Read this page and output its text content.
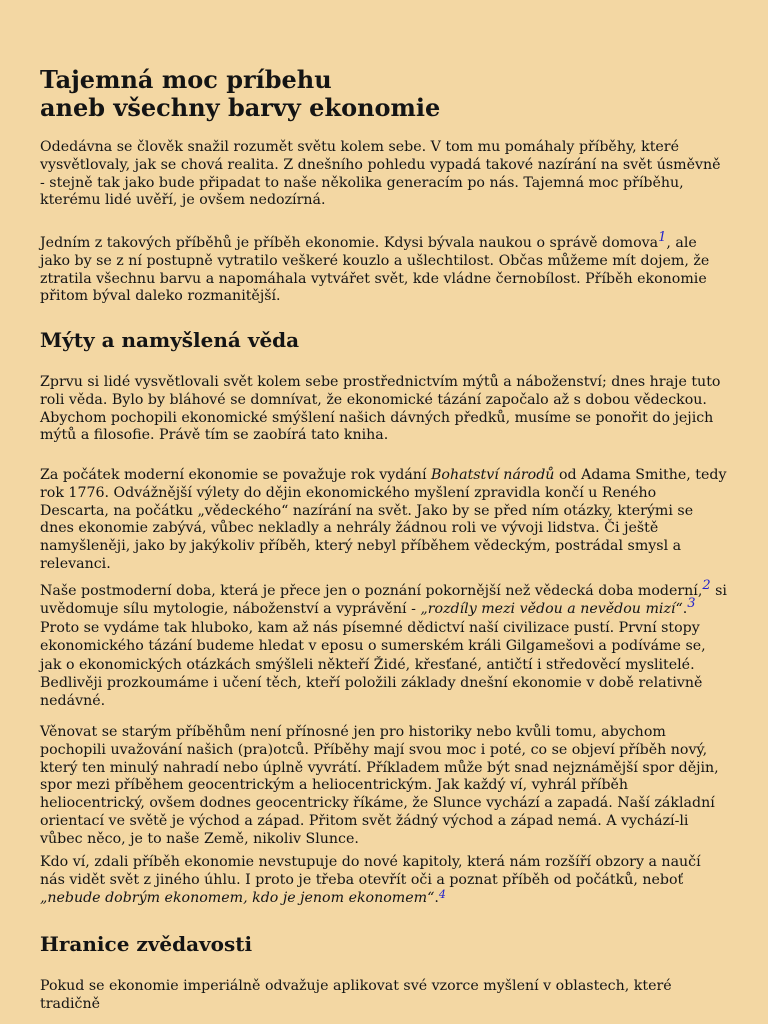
Tajemná moc príbehu
aneb všechny barvy ekonomie

Odedávna se člověk snažil rozumět světu kolem sebe. V tom mu pomáhaly příběhy, které vysvětlovaly, jak se chová realita. Z dnešního pohledu vypadá takové nazírání na svět úsměvně - stejně tak jako bude připadat to naše několika generacím po nás. Tajemná moc příběhu, kterému lidé uvěří, je ovšem nedozírná.

Jedním z takových příběhů je příběh ekonomie. Kdysi bývala naukou o správě domova$^1$, ale jako by se z ní postupně vytratilo veškeré kouzlo a ušlechtilost. Občas můžeme mít dojem, že ztratila všechnu barvu a napomáhala vytvářet svět, kde vládne černobílost. Příběh ekonomie přitom býval daleko rozmanitější.

Mýty a namyšlená věda

Zprvu si lidé vysvětlovali svět kolem sebe prostřednictvím mýtů a náboženství; dnes hraje tuto roli věda. Bylo by bláhové se domnívat, že ekonomické tázání započalo až s dobou vědeckou. Abychom pochopili ekonomické smýšlení našich dávných předků, musíme se ponořit do jejich mýtů a filosofie. Právě tím se zaobírá tato kniha.

Za počátek moderní ekonomie se považuje rok vydání Bohatství národů od Adama Smithe, tedy rok 1776. Odvážnější výlety do dějin ekonomického myšlení zpravidla končí u Reného Descarta, na počátku „vědeckého“ nazírání na svět. Jako by se před ním otázky, kterými se dnes ekonomie zabývá, vůbec nekladly a nehrály žádnou roli ve vývoji lidstva. Či ještě namyšleněji, jako by jakýkoliv příběh, který nebyl příběhem vědeckým, postrádal smysl a relevanci.

Naše postmoderní doba, která je přece jen o poznání pokornější než vědecká doba moderní,$^2$ si uvědomuje sílu mytologie, náboženství a vyprávění - „rozdíly mezi vědou a nevědou mizí“.$^3$ Proto se vydáme tak hluboko, kam až nás písemné dědictví naší civilizace pustí. První stopy ekonomického tázání budeme hledat v eposu o sumerském králi Gilgamešovi a podíváme se, jak o ekonomických otázkách smýšleli někteří Židé, křesťané, antičtí i středověcí myslitelé. Bedlivěji prozkoumáme i učení těch, kteří položili základy dnešní ekonomie v době relativně nedávné.

Věnovat se starým příběhům není přínosné jen pro historiky nebo kvůli tomu, abychom pochopili uvažování našich (pra)otců. Příběhy mají svou moc i poté, co se objeví příběh nový, který ten minulý nahradí nebo úplně vyvrátí. Příkladem může být snad nejznámější spor dějin, spor mezi příběhem geocentrickým a heliocentrickým. Jak každý ví, vyhrál příběh heliocentrický, ovšem dodnes geocentricky říkáme, že Slunce vychází a zapadá. Naší základní orientací ve světě je východ a západ. Přitom svět žádný východ a západ nemá. A vychází-li vůbec něco, je to naše Země, nikoliv Slunce.

Kdo ví, zdali příběh ekonomie nevstupuje do nové kapitoly, která nám rozšíří obzory a naučí nás vidět svět z jiného úhlu. I proto je třeba otevřít oči a poznat příběh od počátků, neboť „nebude dobrým ekonomem, kdo je jenom ekonomem“.$^4$

Hranice zvědavosti

Pokud se ekonomie imperiálně odvažuje aplikovat své vzorce myšlení v oblastech, které tradičně
